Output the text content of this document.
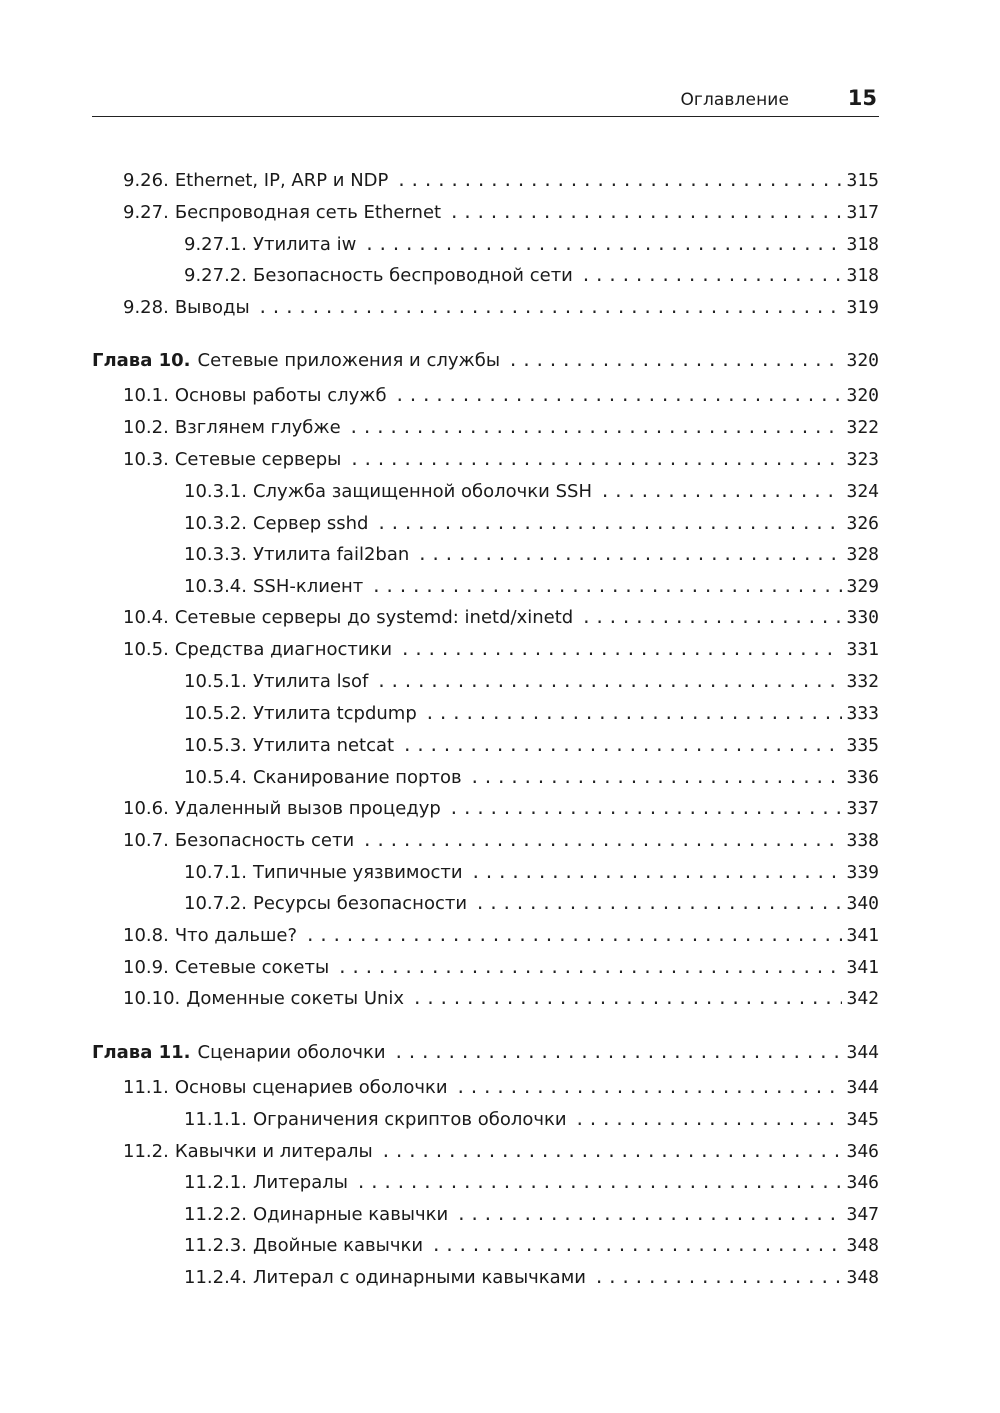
Оглавление	15
9.26. Ethernet, IP, ARP и NDP . . .	315
9.27. Беспроводная сеть Ethernet . . .	317
9.27.1. Утилита iw . . .	318
9.27.2. Безопасность беспроводной сети . . .	318
9.28. Выводы . . .	319
Глава 10. Сетевые приложения и службы . . .	320
10.1. Основы работы служб . . .	320
10.2. Взглянем глубже . . .	322
10.3. Сетевые серверы . . .	323
10.3.1. Служба защищенной оболочки SSH . . .	324
10.3.2. Сервер sshd . . .	326
10.3.3. Утилита fail2ban . . .	328
10.3.4. SSH-клиент . . .	329
10.4. Сетевые серверы до systemd: inetd/xinetd . . .	330
10.5. Средства диагностики . . .	331
10.5.1. Утилита lsof . . .	332
10.5.2. Утилита tcpdump . . .	333
10.5.3. Утилита netcat . . .	335
10.5.4. Сканирование портов . . .	336
10.6. Удаленный вызов процедур . . .	337
10.7. Безопасность сети . . .	338
10.7.1. Типичные уязвимости . . .	339
10.7.2. Ресурсы безопасности . . .	340
10.8. Что дальше? . . .	341
10.9. Сетевые сокеты . . .	341
10.10. Доменные сокеты Unix . . .	342
Глава 11. Сценарии оболочки . . .	344
11.1. Основы сценариев оболочки . . .	344
11.1.1. Ограничения скриптов оболочки . . .	345
11.2. Кавычки и литералы . . .	346
11.2.1. Литералы . . .	346
11.2.2. Одинарные кавычки . . .	347
11.2.3. Двойные кавычки . . .	348
11.2.4. Литерал с одинарными кавычками . . .	348
